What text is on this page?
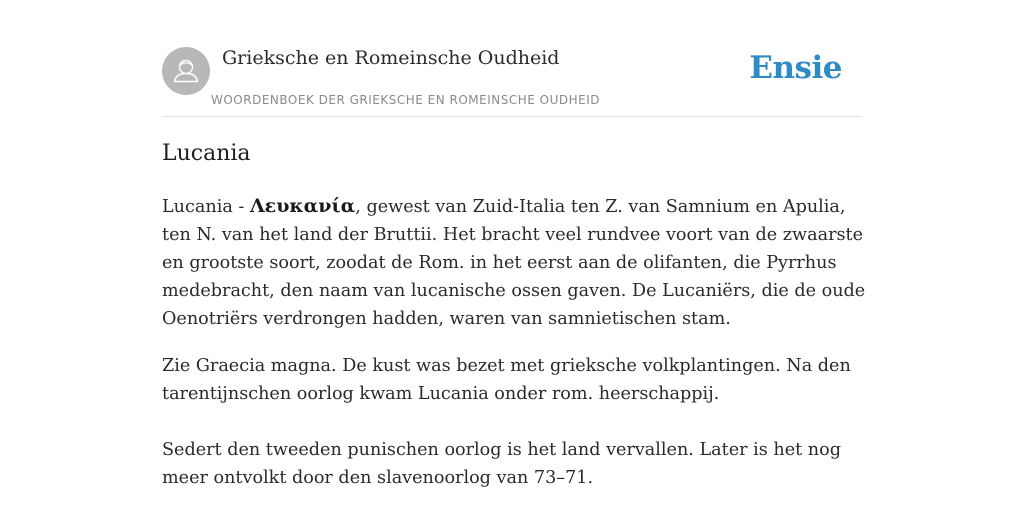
Grieksche en Romeinsche Oudheid
WOORDENBOEK DER GRIEKSCHE EN ROMEINSCHE OUDHEID
Ensie
Lucania

Lucania - Λευκανία, gewest van Zuid-Italia ten Z. van Samnium en Apulia, ten N. van het land der Bruttii. Het bracht veel rundvee voort van de zwaarste en grootste soort, zoodat de Rom. in het eerst aan de olifanten, die Pyrrhus medebracht, den naam van lucanische ossen gaven. De Lucaniërs, die de oude Oenotriërs verdrongen hadden, waren van samnietischen stam.

Zie Graecia magna. De kust was bezet met grieksche volkplantingen. Na den tarentijnschen oorlog kwam Lucania onder rom. heerschappij.

Sedert den tweeden punischen oorlog is het land vervallen. Later is het nog meer ontvolkt door den slavenoorlog van 73–71.
